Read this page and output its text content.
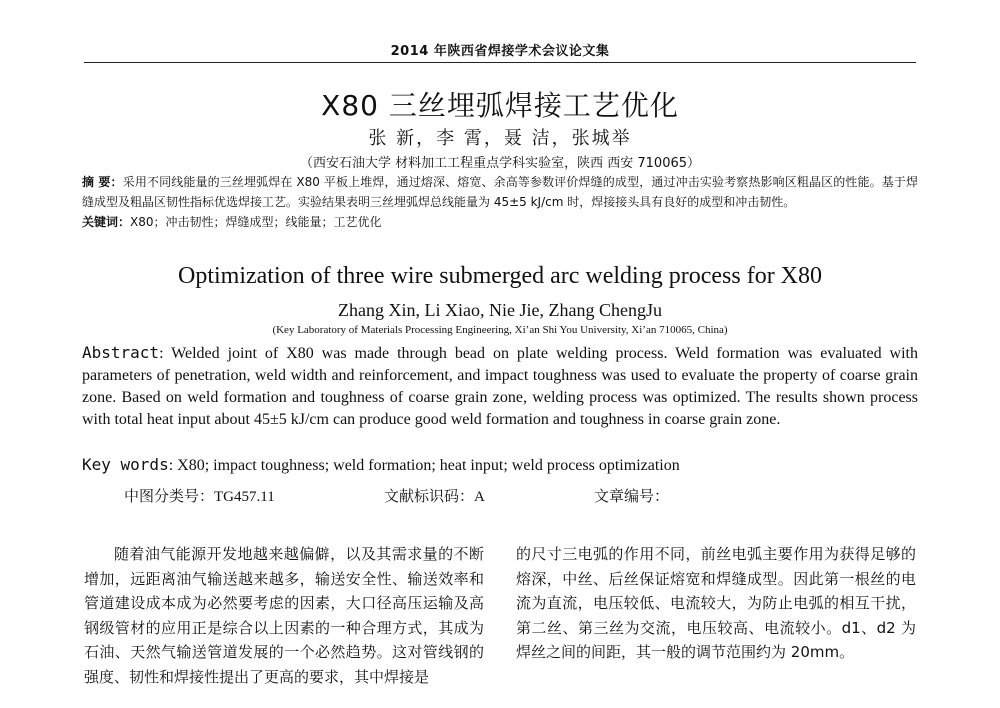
2014 年陕西省焊接学术会议论文集
X80 三丝埋弧焊接工艺优化
张 新，李 霄，聂 洁，张城举
（西安石油大学 材料加工工程重点学科实验室，陕西 西安 710065）
摘 要：采用不同线能量的三丝埋弧焊在 X80 平板上堆焊，通过熔深、熔宽、余高等参数评价焊缝的成型，通过冲击实验考察热影响区粗晶区的性能。基于焊缝成型及粗晶区韧性指标优选焊接工艺。实验结果表明三丝埋弧焊总线能量为 45±5 kJ/cm 时，焊接接头具有良好的成型和冲击韧性。
关键词：X80；冲击韧性；焊缝成型；线能量；工艺优化
Optimization of three wire submerged arc welding process for X80
Zhang Xin, Li Xiao, Nie Jie, Zhang ChengJu
(Key Laboratory of Materials Processing Engineering, Xi’an Shi You University, Xi’an 710065, China)
Abstract: Welded joint of X80 was made through bead on plate welding process. Weld formation was evaluated with parameters of penetration, weld width and reinforcement, and impact toughness was used to evaluate the property of coarse grain zone. Based on weld formation and toughness of coarse grain zone, welding process was optimized. The results shown process with total heat input about 45±5 kJ/cm can produce good weld formation and toughness in coarse grain zone.
Key words: X80; impact toughness; weld formation; heat input; weld process optimization
中图分类号：TG457.11	文献标识码：A	文章编号：
随着油气能源开发地越来越偏僻，以及其需求量的不断增加，远距离油气输送越来越多，输送安全性、输送效率和管道建设成本成为必然要考虑的因素，大口径高压运输及高钢级管材的应用正是综合以上因素的一种合理方式，其成为石油、天然气输送管道发展的一个必然趋势。这对管线钢的强度、韧性和焊接性提出了更高的要求，其中焊接是
的尺寸三电弧的作用不同，前丝电弧主要作用为获得足够的熔深，中丝、后丝保证熔宽和焊缝成型。因此第一根丝的电流为直流，电压较低、电流较大，为防止电弧的相互干扰，第二丝、第三丝为交流，电压较高、电流较小。d1、d2 为焊丝之间的间距，其一般的调节范围约为 20mm。
